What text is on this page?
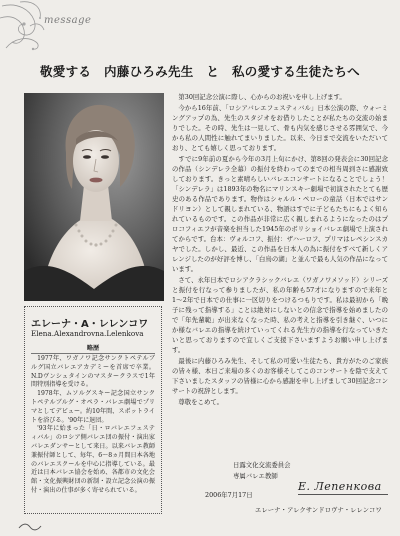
message
敬愛する　内藤ひろみ先生　と　私の愛する生徒たちへ
エレーナ・A・レレンコワ
Elena.Alexandrovna.Lelenkova
略歴

1977年、ワガノワ記念サンクトペテルブルグ国立バレエアカデミーを首席で卒業。N.Dヴンシュタインのマスタークラスで1年間特別指導を受ける。

1978年、ムソルグスキー記念国立サンクトペテルブルグ・オペラ・バレエ劇場でプリマとしてデビュー。約10年間、スポットライトを浴びる。'90年に退団。

'93年に始まった「日・ロバレエフェスティバル」のロシア側バレエ団の振付・演出家バレエダンサーとして来日。以来バレエ教師兼振付師として、毎年、6～8ヵ月間日本各地のバレエスクールを中心に指導している。最近は日本バレエ協会を始め、各都市の文化会館・文化振興財団の新制・設立記念公演の振付・演出の仕事が多く寄せられている。

第30回記念公演に際し、心からのお祝いを申し上げます。

今から16年前、「ロシアバレエフェスティバル」日本公演の際、ウォーミングアップの為、先生のスタジオをお借りしたことが私たちの交流の始まりでした。その時、先生は一見して、骨も内気を感じさせる雰囲気で、今から私の人間性に触れてまいりました。以来、今日まで交流をいただいており、とても嬉しく思っております。

すでに9年前の夏から今年の3月上旬にかけ、第8回の発表会に30回記念の作品（シンデレラ全幕）の振付を終わってのまでの相当周到さに感謝致しております。きっと素晴らしいバレエコンサートになることでしょう！「シンデレラ」は1893年の物名にマリンスキー劇場で初演されたとても歴史のある作品であります。物作はシャルル・ペローの童話（日本ではサンドリヨン）として親しまれている、物語はすでに子どもたちにもよく知られているものです。この作品が非常に広く親しまれるようになったのはプロコフィエフが音楽を担当した1945年のボリショイバレエ劇場で上演されてからです。台本：ヴォルコフ、振付：ザハーロフ、プリマはレペシンスカヤでした。しかし、最近、この作品を日本人の為に振付をすべて新しくアレンジしたのが好評を博し、「白鳥の湖」と並んで最も人気の作品になっています。

さて、永年日本でロシアクラシックバレエ（ワガノワメソッド）シリーズと振付を行なって参りましたが、私の年齢も57才になりますので来年と1〜2年で日本での仕事に一区切りをつけるつもりです。私は最初から「晩子に残って指導する」ことは絶対にしないとの信念で指導を始めましたので「年先輩範」が出来なくなった時、私の考えと指導を引き継ぐ、いつにか様なバレエの指導を続けていってくれる先生方の指導を行なっていきたいと思っておりますので宜しくご支援下さいますようお願い申し上げます。

最後に内藤ひろみ先生、そして私の可愛い生徒たち、貴方がたのご家族の皆々様、本日ご来場の多くのお客様そしてこのコンサートを陰で支えて下さいましたスタッフの皆様に心から感謝を申し上げまして30回記念コンサートの祝辞とします。

尊敬をこめて。

日露文化交流委員会
専属バレエ教師
2006年7月17日
E. Лепенкова
エレーナ・アレクサンドロヴナ・レレンコワ
